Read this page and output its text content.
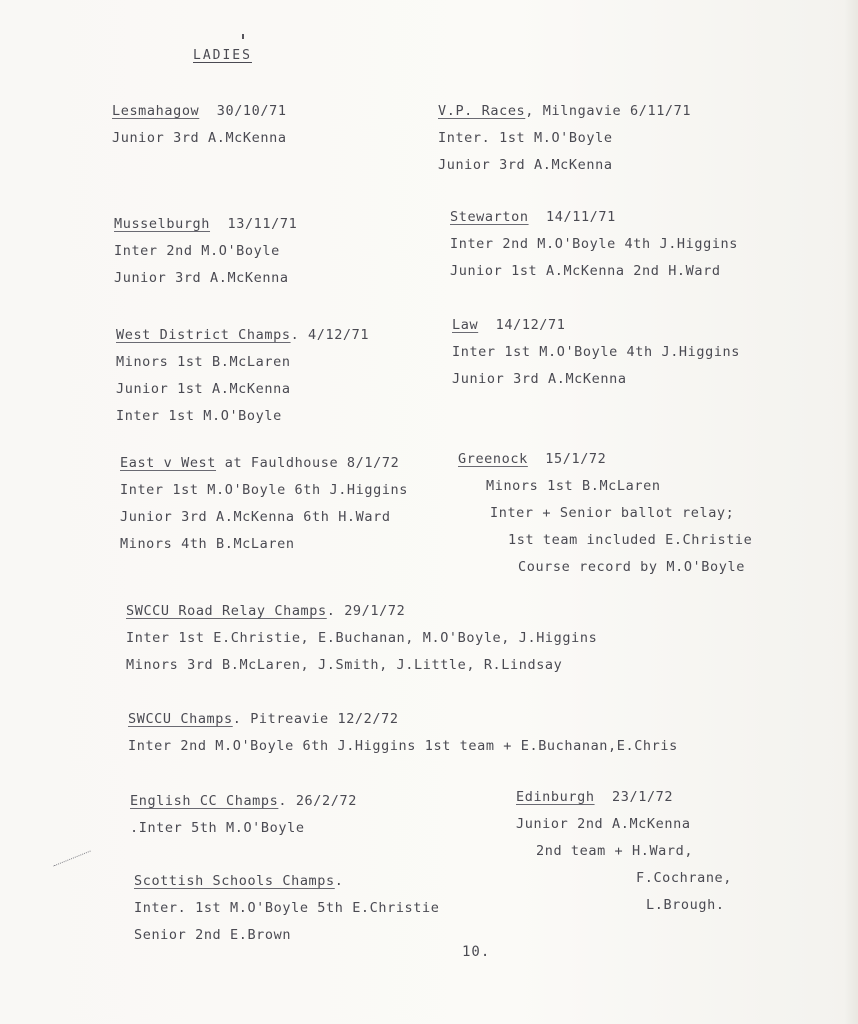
LADIES
Lesmahagow 30/10/71
Junior 3rd A.McKenna
V.P. Races, Milngavie 6/11/71
Inter. 1st M.O'Boyle
Junior 3rd A.McKenna
Musselburgh 13/11/71
Inter 2nd M.O'Boyle
Junior 3rd A.McKenna
Stewarton 14/11/71
Inter 2nd M.O'Boyle 4th J.Higgins
Junior 1st A.McKenna 2nd H.Ward
West District Champs. 4/12/71
Minors 1st B.McLaren
Junior 1st A.McKenna
Inter 1st M.O'Boyle
Law 14/12/71
Inter 1st M.O'Boyle 4th J.Higgins
Junior 3rd A.McKenna
East v West at Fauldhouse 8/1/72
Inter 1st M.O'Boyle 6th J.Higgins
Junior 3rd A.McKenna 6th H.Ward
Minors 4th B.McLaren
Greenock 15/1/72
Minors 1st B.McLaren
Inter + Senior ballot relay;
1st team included E.Christie
Course record by M.O'Boyle
SWCCU Road Relay Champs. 29/1/72
Inter 1st E.Christie, E.Buchanan, M.O'Boyle, J.Higgins
Minors 3rd B.McLaren, J.Smith, J.Little, R.Lindsay
SWCCU Champs. Pitreavie 12/2/72
Inter 2nd M.O'Boyle 6th J.Higgins 1st team + E.Buchanan,E.Chris
English CC Champs. 26/2/72
.Inter 5th M.O'Boyle
Edinburgh 23/1/72
Junior 2nd A.McKenna
2nd team + H.Ward,
F.Cochrane,
L.Brough.
Scottish Schools Champs.
Inter. 1st M.O'Boyle 5th E.Christie
Senior 2nd E.Brown
10.
